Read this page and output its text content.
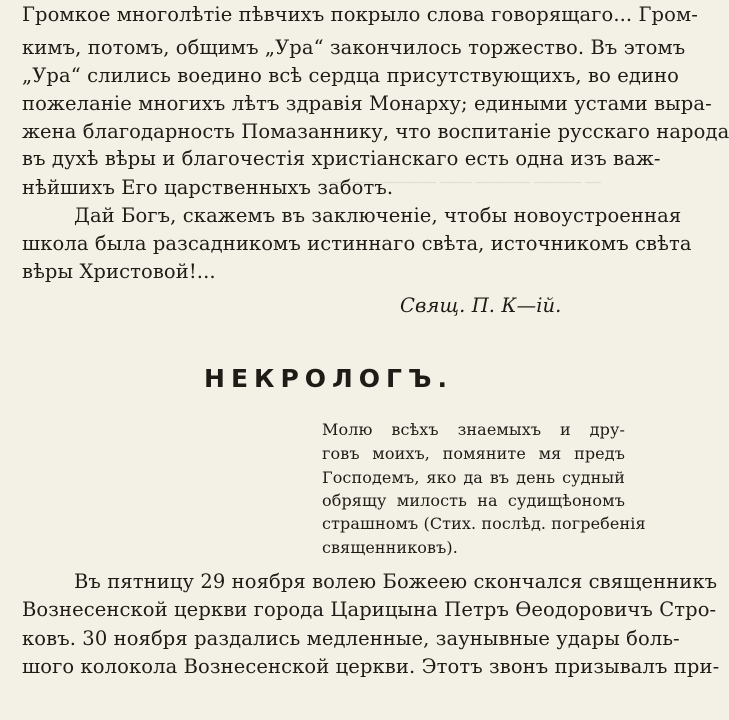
────── ─────── ──── ─────── ────── ──
Громкое многолѣтіе пѣвчихъ покрыло слова говорящаго... Гром-
кимъ, потомъ, общимъ „Ура“ закончилось торжество. Въ этомъ
„Ура“ слились воедино всѣ сердца присутствующихъ, во едино
пожеланіе многихъ лѣтъ здравія Монарху; едиными устами выра-
жена благодарность Помазаннику, что воспитаніе русскаго народа
въ духѣ вѣры и благочестія христіанскаго есть одна изъ важ-
нѣйшихъ Его царственныхъ заботъ.
Дай Богъ, скажемъ въ заключеніе, чтобы новоустроенная
школа была разсадникомъ истиннаго свѣта, источникомъ свѣта
вѣры Христовой!...
Свящ. П. К—ій.
НЕКРОЛОГЪ.
Молю всѣхъ знаемыхъ и дру-
говъ моихъ, помяните мя предъ
Господемъ, яко да въ день судный
обрящу милость на судищѣономъ
страшномъ (Стих. послѣд. погребенія
священниковъ).
Въ пятницу 29 ноября волею Божеею скончался священникъ
Вознесенской церкви города Царицына Петръ Ѳеодоровичъ Стро-
ковъ. 30 ноября раздались медленные, заунывные удары боль-
шого колокола Вознесенской церкви. Этотъ звонъ призывалъ при-
